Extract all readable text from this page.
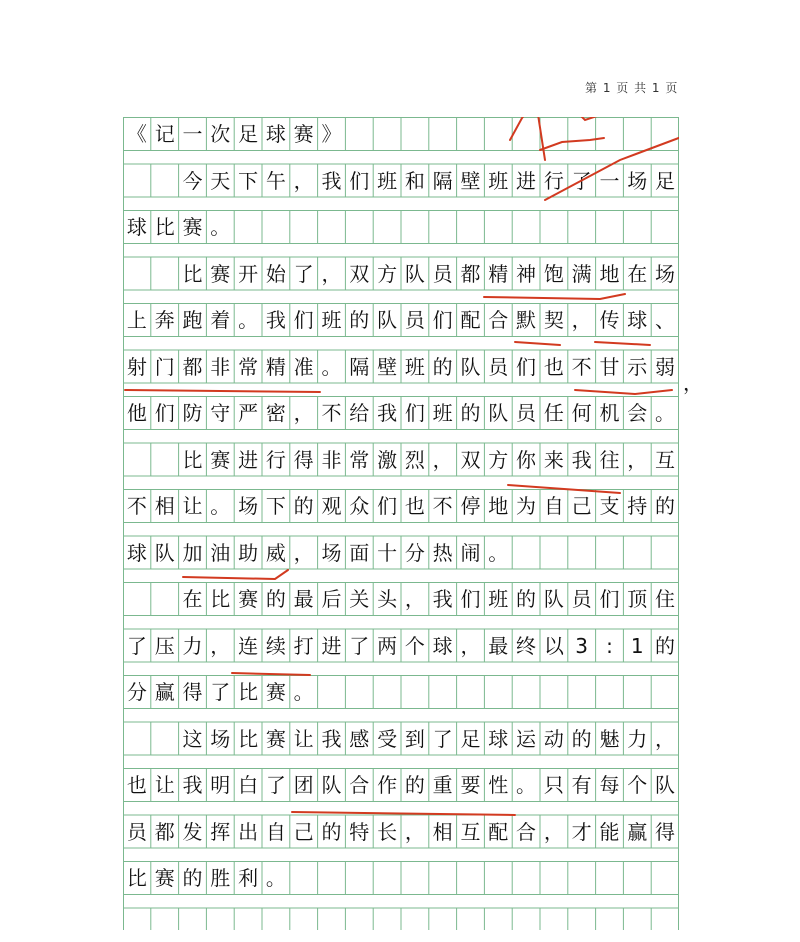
第 1 页 共 1 页
《 记 一 次 足 球 赛 》
今 天 下 午 ， 我 们 班 和 隔 壁 班 进 行 了 一 场 足
球 比 赛 。
比 赛 开 始 了 ， 双 方 队 员 都 精 神 饱 满 地 在 场
上 奔 跑 着 。 我 们 班 的 队 员 们 配 合 默 契 ， 传 球 、
射 门 都 非 常 精 准 。 隔 壁 班 的 队 员 们 也 不 甘 示 弱
他 们 防 守 严 密 ， 不 给 我 们 班 的 队 员 任 何 机 会 。
比 赛 进 行 得 非 常 激 烈 ， 双 方 你 来 我 往 ， 互
不 相 让 。 场 下 的 观 众 们 也 不 停 地 为 自 己 支 持 的
球 队 加 油 助 威 ， 场 面 十 分 热 闹 。
在 比 赛 的 最 后 关 头 ， 我 们 班 的 队 员 们 顶 住
了 压 力 ， 连 续 打 进 了 两 个 球 ， 最 终 以 3 : 1 的
分 赢 得 了 比 赛 。
这 场 比 赛 让 我 感 受 到 了 足 球 运 动 的 魅 力 ，
也 让 我 明 白 了 团 队 合 作 的 重 要 性 。 只 有 每 个 队
员 都 发 挥 出 自 己 的 特 长 ， 相 互 配 合 ， 才 能 赢 得
比 赛 的 胜 利 。
，
